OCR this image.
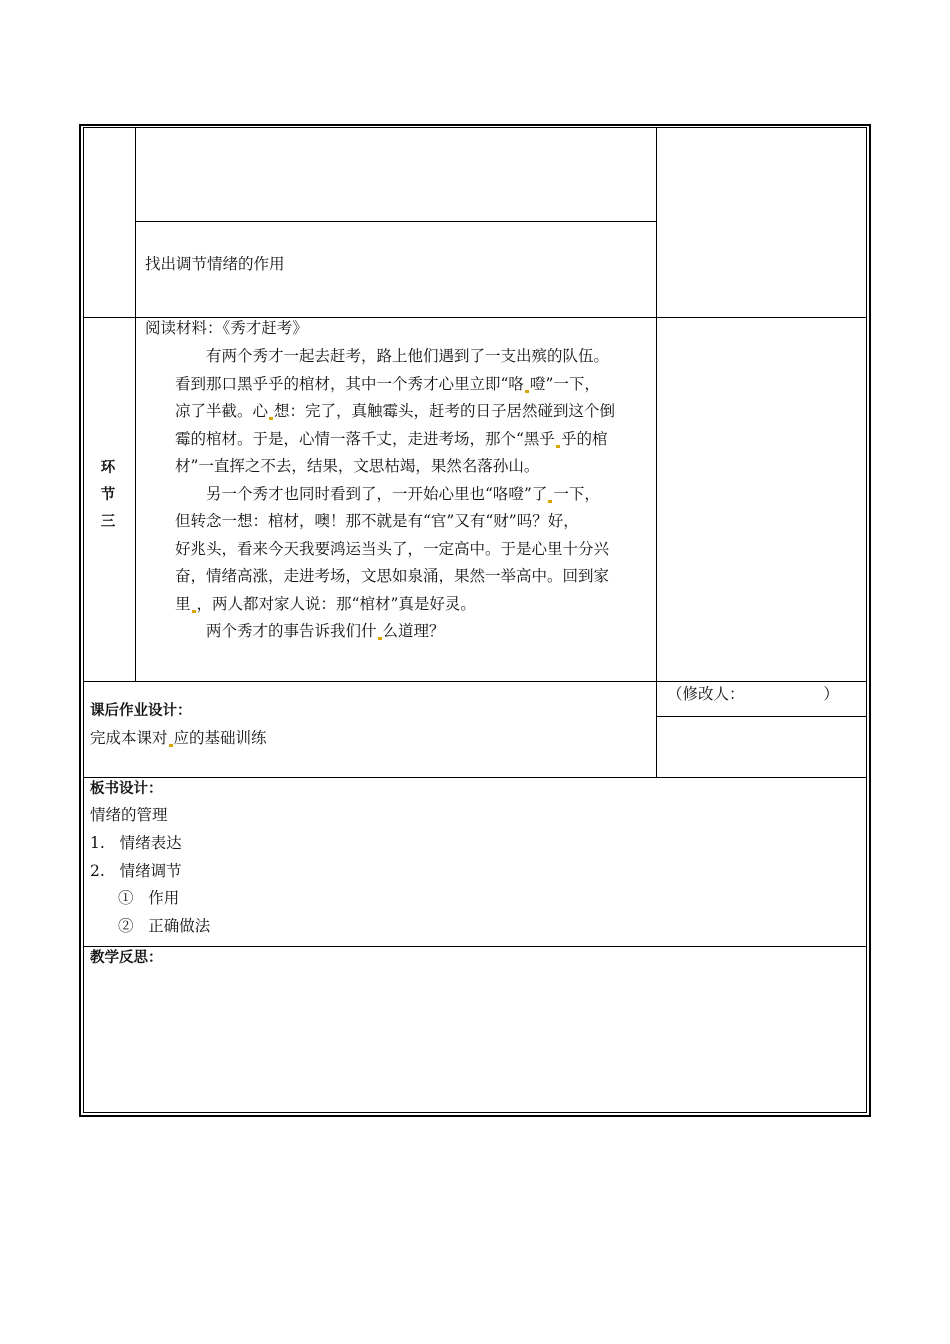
找出调节情绪的作用
环
节
三
阅读材料：《秀才赶考》
有两个秀才一起去赶考，路上他们遇到了一支出殡的队伍。
看到那口黑乎乎的棺材，其中一个秀才心里立即“咯 噔”一下，
凉了半截。心 想：完了，真触霉头，赶考的日子居然碰到这个倒
霉的棺材。于是，心情一落千丈，走进考场，那个“黑乎 乎的棺
材”一直挥之不去，结果，文思枯竭，果然名落孙山。
另一个秀才也同时看到了，一开始心里也“咯噔”了 一下，
但转念一想：棺材，噢！那不就是有“官”又有“财”吗？好，
好兆头，看来今天我要鸿运当头了，一定高中。于是心里十分兴
奋，情绪高涨，走进考场，文思如泉涌，果然一举高中。回到家
里 ，两人都对家人说：那“棺材”真是好灵。
两个秀才的事告诉我们什 么道理？
课后作业设计：
完成本课对 应的基础训练
（修改人：                ）
板书设计：
情绪的管理
1.   情绪表达
2.   情绪调节
①   作用
②   正确做法
教学反思：
